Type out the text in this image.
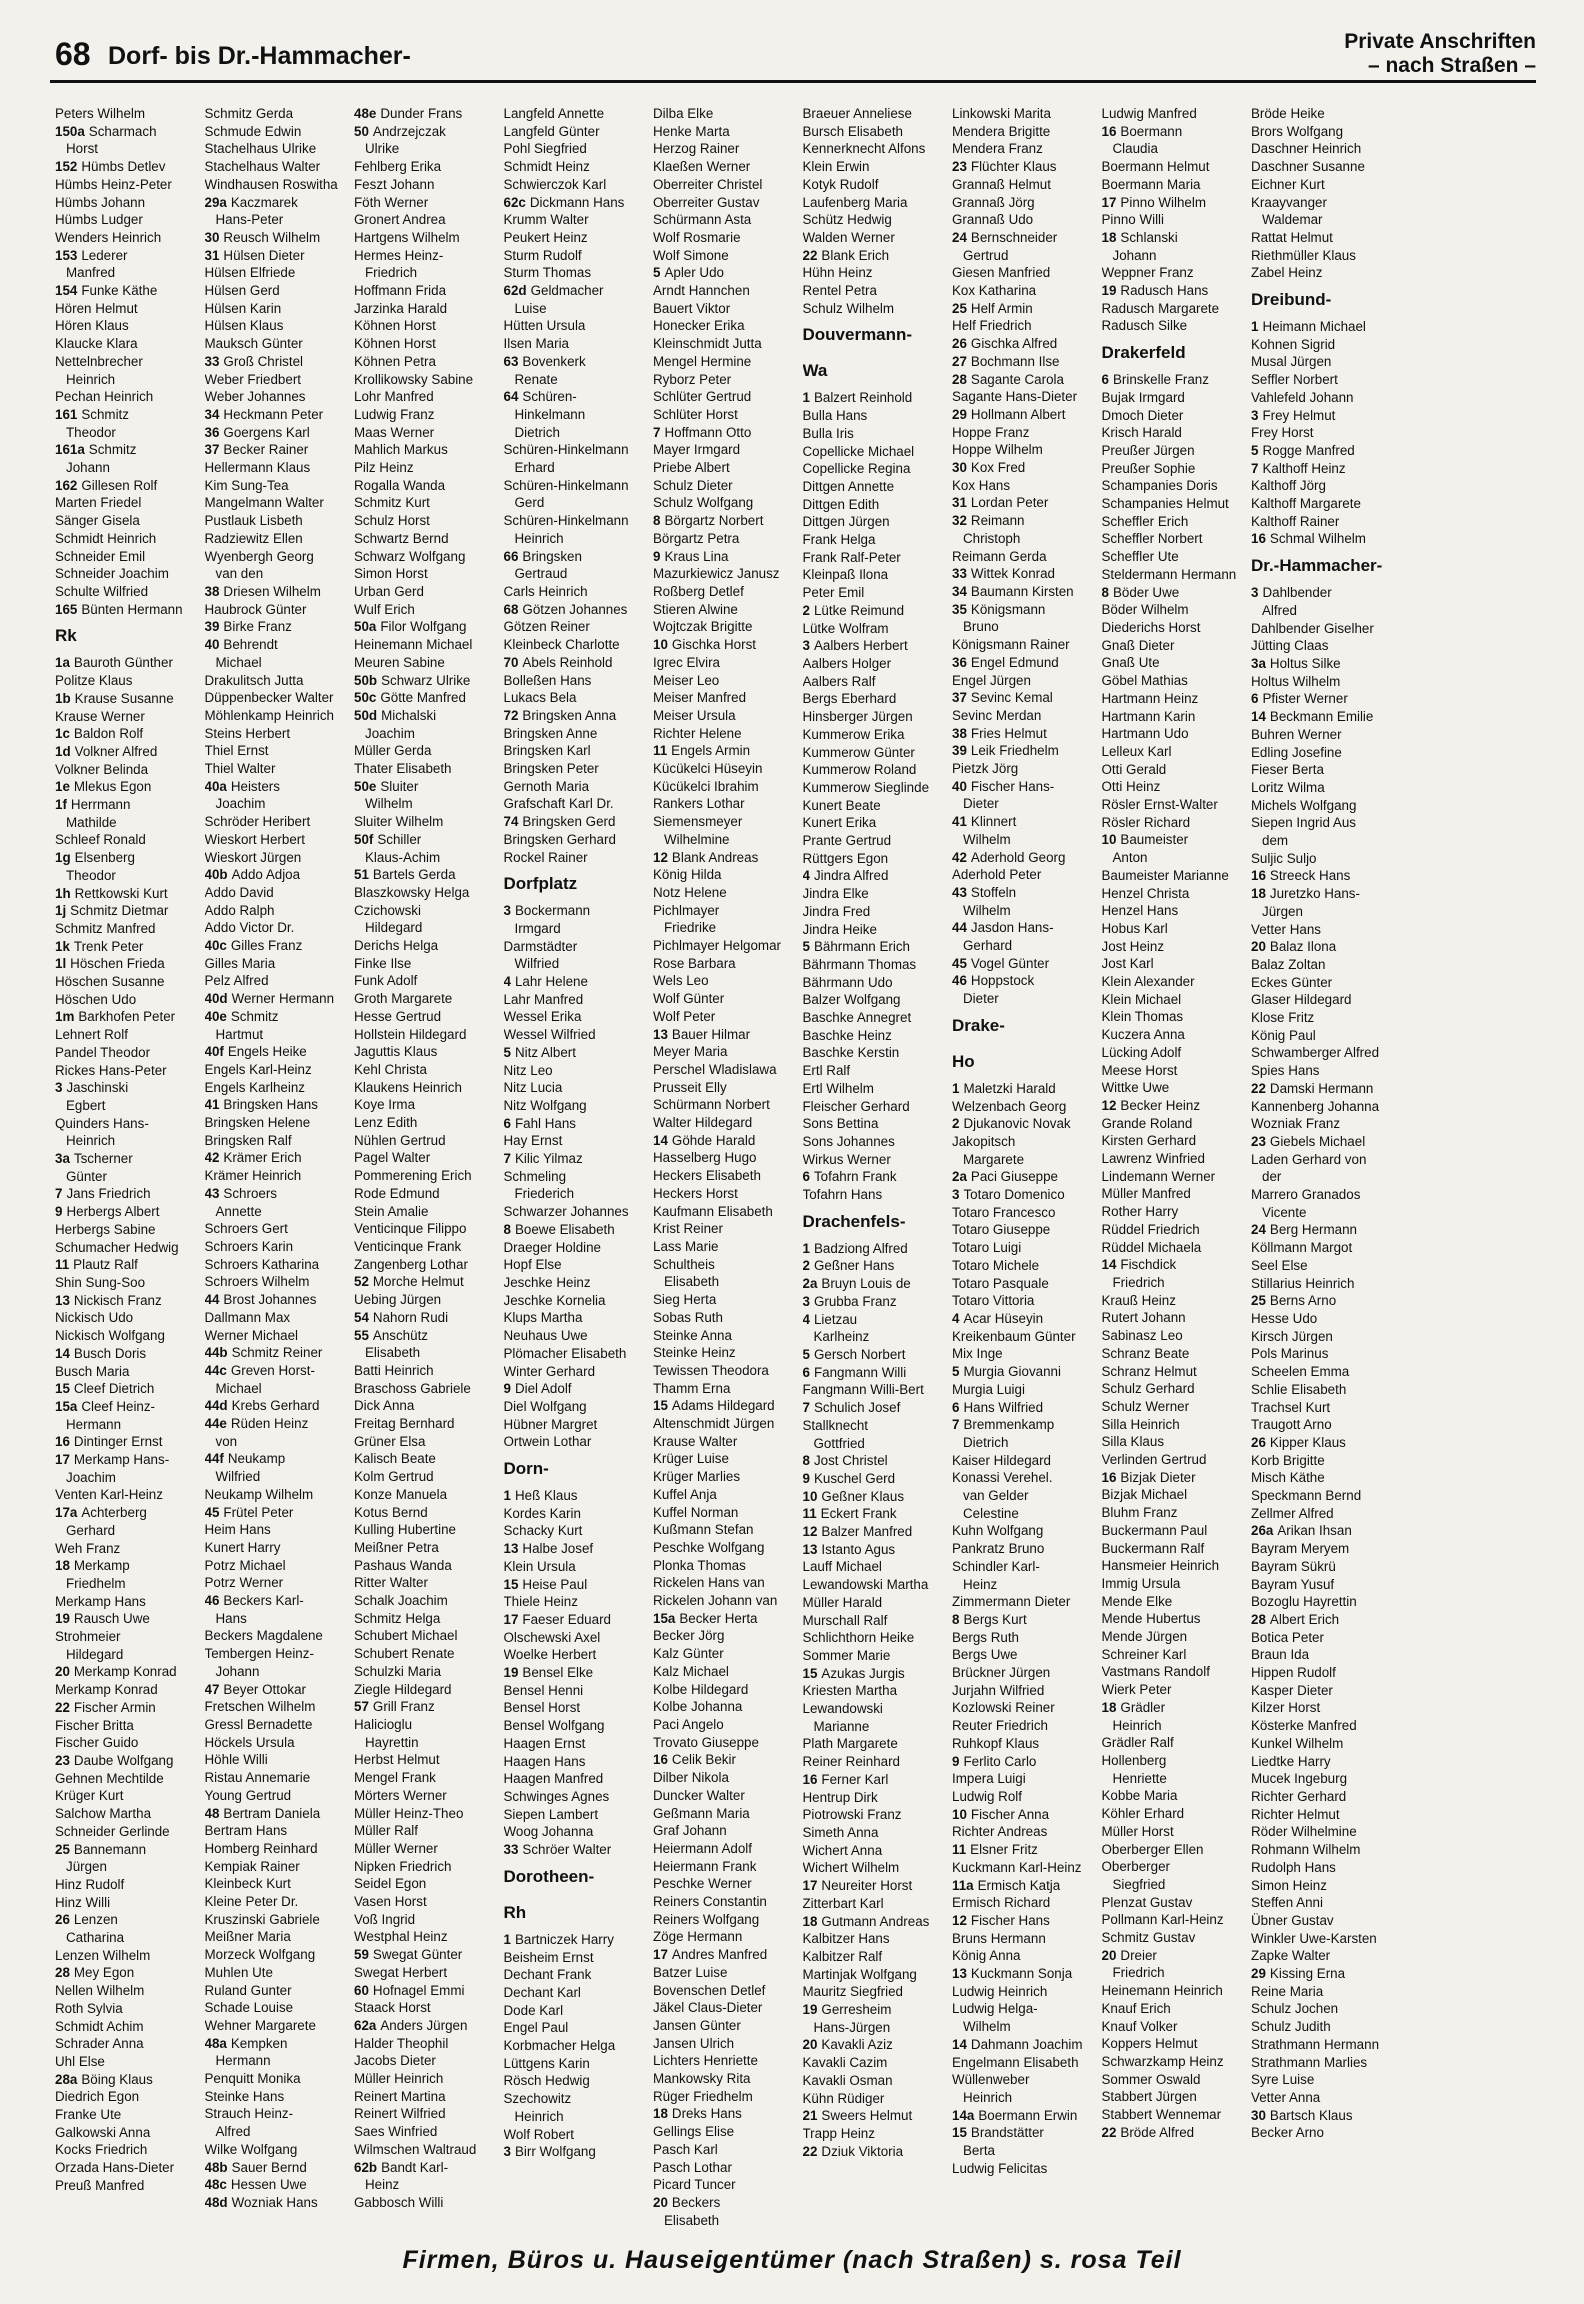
68 Dorf- bis Dr.-Hammacher-
Private Anschriften
– nach Straßen –
Peters Wilhelm
150a Scharmach
Horst
152 Hümbs Detlev
Hümbs Heinz-Peter
Hümbs Johann
Hümbs Ludger
Wenders Heinrich
153 Lederer
Manfred
154 Funke Käthe
Hören Helmut
Hören Klaus
Klaucke Klara
Nettelnbrecher
Heinrich
Pechan Heinrich
161 Schmitz
Theodor
161a Schmitz
Johann
162 Gillesen Rolf
Marten Friedel
Sänger Gisela
Schmidt Heinrich
Schneider Emil
Schneider Joachim
Schulte Wilfried
165 Bünten Hermann
Rk
1a Bauroth Günther
Politze Klaus
1b Krause Susanne
Krause Werner
1c Baldon Rolf
1d Volkner Alfred
Volkner Belinda
1e Mlekus Egon
1f Herrmann
Mathilde
Schleef Ronald
1g Elsenberg
Theodor
1h Rettkowski Kurt
1j Schmitz Dietmar
Schmitz Manfred
1k Trenk Peter
1l Höschen Frieda
Höschen Susanne
Höschen Udo
1m Barkhofen Peter
Lehnert Rolf
Pandel Theodor
Rickes Hans-Peter
3 Jaschinski
Egbert
Quinders Hans-
Heinrich
3a Tscherner
Günter
7 Jans Friedrich
9 Herbergs Albert
Herbergs Sabine
Schumacher Hedwig
11 Plautz Ralf
Shin Sung-Soo
13 Nickisch Franz
Nickisch Udo
Nickisch Wolfgang
14 Busch Doris
Busch Maria
15 Cleef Dietrich
15a Cleef Heinz-
Hermann
16 Dintinger Ernst
17 Merkamp Hans-
Joachim
Venten Karl-Heinz
17a Achterberg
Gerhard
Weh Franz
18 Merkamp
Friedhelm
Merkamp Hans
19 Rausch Uwe
Strohmeier
Hildegard
20 Merkamp Konrad
Merkamp Konrad
22 Fischer Armin
Fischer Britta
Fischer Guido
23 Daube Wolfgang
Gehnen Mechtilde
Krüger Kurt
Salchow Martha
Schneider Gerlinde
25 Bannemann
Jürgen
Hinz Rudolf
Hinz Willi
26 Lenzen
Catharina
Lenzen Wilhelm
28 Mey Egon
Nellen Wilhelm
Roth Sylvia
Schmidt Achim
Schrader Anna
Uhl Else
28a Böing Klaus
Diedrich Egon
Franke Ute
Galkowski Anna
Kocks Friedrich
Orzada Hans-Dieter
Preuß Manfred
Schmitz Gerda
Schmude Edwin
Stachelhaus Ulrike
Stachelhaus Walter
Windhausen Roswitha
29a Kaczmarek
Hans-Peter
30 Reusch Wilhelm
31 Hülsen Dieter
Hülsen Elfriede
Hülsen Gerd
Hülsen Karin
Hülsen Klaus
Mauksch Günter
33 Groß Christel
Weber Friedbert
Weber Johannes
34 Heckmann Peter
36 Goergens Karl
37 Becker Rainer
Hellermann Klaus
Kim Sung-Tea
Mangelmann Walter
Pustlauk Lisbeth
Radziewitz Ellen
Wyenbergh Georg
van den
38 Driesen Wilhelm
Haubrock Günter
39 Birke Franz
40 Behrendt
Michael
Drakulitsch Jutta
Düppenbecker Walter
Möhlenkamp Heinrich
Steins Herbert
Thiel Ernst
Thiel Walter
40a Heisters
Joachim
Schröder Heribert
Wieskort Herbert
Wieskort Jürgen
40b Addo Adjoa
Addo David
Addo Ralph
Addo Victor Dr.
40c Gilles Franz
Gilles Maria
Pelz Alfred
40d Werner Hermann
40e Schmitz
Hartmut
40f Engels Heike
Engels Karl-Heinz
Engels Karlheinz
41 Bringsken Hans
Bringsken Helene
Bringsken Ralf
42 Krämer Erich
Krämer Heinrich
43 Schroers
Annette
Schroers Gert
Schroers Karin
Schroers Katharina
Schroers Wilhelm
44 Brost Johannes
Dallmann Max
Werner Michael
44b Schmitz Reiner
44c Greven Horst-
Michael
44d Krebs Gerhard
44e Rüden Heinz
von
44f Neukamp
Wilfried
Neukamp Wilhelm
45 Frütel Peter
Heim Hans
Kunert Harry
Potrz Michael
Potrz Werner
46 Beckers Karl-
Hans
Beckers Magdalene
Tembergen Heinz-
Johann
47 Beyer Ottokar
Fretschen Wilhelm
Gressl Bernadette
Höckels Ursula
Höhle Willi
Ristau Annemarie
Young Gertrud
48 Bertram Daniela
Bertram Hans
Homberg Reinhard
Kempiak Rainer
Kleinbeck Kurt
Kleine Peter Dr.
Kruszinski Gabriele
Meißner Maria
Morzeck Wolfgang
Muhlen Ute
Ruland Gunter
Schade Louise
Wehner Margarete
48a Kempken
Hermann
Penquitt Monika
Steinke Hans
Strauch Heinz-
Alfred
Wilke Wolfgang
48b Sauer Bernd
48c Hessen Uwe
48d Wozniak Hans
48e Dunder Frans
50 Andrzejczak
Ulrike
Fehlberg Erika
Feszt Johann
Föth Werner
Gronert Andrea
Hartgens Wilhelm
Hermes Heinz-
Friedrich
Hoffmann Frida
Jarzinka Harald
Köhnen Horst
Köhnen Horst
Köhnen Petra
Krollikowsky Sabine
Lohr Manfred
Ludwig Franz
Maas Werner
Mahlich Markus
Pilz Heinz
Rogalla Wanda
Schmitz Kurt
Schulz Horst
Schwartz Bernd
Schwarz Wolfgang
Simon Horst
Urban Gerd
Wulf Erich
50a Filor Wolfgang
Heinemann Michael
Meuren Sabine
50b Schwarz Ulrike
50c Götte Manfred
50d Michalski
Joachim
Müller Gerda
Thater Elisabeth
50e Sluiter
Wilhelm
Sluiter Wilhelm
50f Schiller
Klaus-Achim
51 Bartels Gerda
Blaszkowsky Helga
Czichowski
Hildegard
Derichs Helga
Finke Ilse
Funk Adolf
Groth Margarete
Hesse Gertrud
Hollstein Hildegard
Jaguttis Klaus
Kehl Christa
Klaukens Heinrich
Koye Irma
Lenz Edith
Nühlen Gertrud
Pagel Walter
Pommerening Erich
Rode Edmund
Stein Amalie
Venticinque Filippo
Venticinque Frank
Zangenberg Lothar
52 Morche Helmut
Uebing Jürgen
54 Nahorn Rudi
55 Anschütz
Elisabeth
Batti Heinrich
Braschoss Gabriele
Dick Anna
Freitag Bernhard
Grüner Elsa
Kalisch Beate
Kolm Gertrud
Konze Manuela
Kotus Bernd
Kulling Hubertine
Meißner Petra
Pashaus Wanda
Ritter Walter
Schalk Joachim
Schmitz Helga
Schubert Michael
Schubert Renate
Schulzki Maria
Ziegle Hildegard
57 Grill Franz
Halicioglu
Hayrettin
Herbst Helmut
Mengel Frank
Mörters Werner
Müller Heinz-Theo
Müller Ralf
Müller Werner
Nipken Friedrich
Seidel Egon
Vasen Horst
Voß Ingrid
Westphal Heinz
59 Swegat Günter
Swegat Herbert
60 Hofnagel Emmi
Staack Horst
62a Anders Jürgen
Halder Theophil
Jacobs Dieter
Müller Heinrich
Reinert Martina
Reinert Wilfried
Saes Winfried
Wilmschen Waltraud
62b Bandt Karl-
Heinz
Gabbosch Willi
Langfeld Annette
Langfeld Günter
Pohl Siegfried
Schmidt Heinz
Schwierczok Karl
62c Dickmann Hans
Krumm Walter
Peukert Heinz
Sturm Rudolf
Sturm Thomas
62d Geldmacher
Luise
Hütten Ursula
Ilsen Maria
63 Bovenkerk
Renate
64 Schüren-
Hinkelmann
Dietrich
Schüren-Hinkelmann
Erhard
Schüren-Hinkelmann
Gerd
Schüren-Hinkelmann
Heinrich
66 Bringsken
Gertraud
Carls Heinrich
68 Götzen Johannes
Götzen Reiner
Kleinbeck Charlotte
70 Abels Reinhold
Bolleßen Hans
Lukacs Bela
72 Bringsken Anna
Bringsken Anne
Bringsken Karl
Bringsken Peter
Gernoth Maria
Grafschaft Karl Dr.
74 Bringsken Gerd
Bringsken Gerhard
Rockel Rainer
Dorfplatz
3 Bockermann
Irmgard
Darmstädter
Wilfried
4 Lahr Helene
Lahr Manfred
Wessel Erika
Wessel Wilfried
5 Nitz Albert
Nitz Leo
Nitz Lucia
Nitz Wolfgang
6 Fahl Hans
Hay Ernst
7 Kilic Yilmaz
Schmeling
Friederich
Schwarzer Johannes
8 Boewe Elisabeth
Draeger Holdine
Hopf Else
Jeschke Heinz
Jeschke Kornelia
Klups Martha
Neuhaus Uwe
Plömacher Elisabeth
Winter Gerhard
9 Diel Adolf
Diel Wolfgang
Hübner Margret
Ortwein Lothar
Dorn-
1 Heß Klaus
Kordes Karin
Schacky Kurt
13 Halbe Josef
Klein Ursula
15 Heise Paul
Thiele Heinz
17 Faeser Eduard
Olschewski Axel
Woelke Herbert
19 Bensel Elke
Bensel Henni
Bensel Horst
Bensel Wolfgang
Haagen Ernst
Haagen Hans
Haagen Manfred
Schwinges Agnes
Siepen Lambert
Woog Johanna
33 Schröer Walter
Dorotheen-
Rh
1 Bartniczek Harry
Beisheim Ernst
Dechant Frank
Dechant Karl
Dode Karl
Engel Paul
Korbmacher Helga
Lüttgens Karin
Rösch Hedwig
Szechowitz
Heinrich
Wolf Robert
3 Birr Wolfgang
Dilba Elke
Henke Marta
Herzog Rainer
Klaeßen Werner
Oberreiter Christel
Oberreiter Gustav
Schürmann Asta
Wolf Rosmarie
Wolf Simone
5 Apler Udo
Arndt Hannchen
Bauert Viktor
Honecker Erika
Kleinschmidt Jutta
Mengel Hermine
Ryborz Peter
Schlüter Gertrud
Schlüter Horst
7 Hoffmann Otto
Mayer Irmgard
Priebe Albert
Schulz Dieter
Schulz Wolfgang
8 Börgartz Norbert
Börgartz Petra
9 Kraus Lina
Mazurkiewicz Janusz
Roßberg Detlef
Stieren Alwine
Wojtczak Brigitte
10 Gischka Horst
Igrec Elvira
Meiser Leo
Meiser Manfred
Meiser Ursula
Richter Helene
11 Engels Armin
Kücükelci Hüseyin
Kücükelci Ibrahim
Rankers Lothar
Siemensmeyer
Wilhelmine
12 Blank Andreas
König Hilda
Notz Helene
Pichlmayer
Friedrike
Pichlmayer Helgomar
Rose Barbara
Wels Leo
Wolf Günter
Wolf Peter
13 Bauer Hilmar
Meyer Maria
Perschel Wladislawa
Prusseit Elly
Schürmann Norbert
Walter Hildegard
14 Göhde Harald
Hasselberg Hugo
Heckers Elisabeth
Heckers Horst
Kaufmann Elisabeth
Krist Reiner
Lass Marie
Schultheis
Elisabeth
Sieg Herta
Sobas Ruth
Steinke Anna
Steinke Heinz
Tewissen Theodora
Thamm Erna
15 Adams Hildegard
Altenschmidt Jürgen
Krause Walter
Krüger Luise
Krüger Marlies
Kuffel Anja
Kuffel Norman
Kußmann Stefan
Peschke Wolfgang
Plonka Thomas
Rickelen Hans van
Rickelen Johann van
15a Becker Herta
Becker Jörg
Kalz Günter
Kalz Michael
Kolbe Hildegard
Kolbe Johanna
Paci Angelo
Trovato Giuseppe
16 Celik Bekir
Dilber Nikola
Duncker Walter
Geßmann Maria
Graf Johann
Heiermann Adolf
Heiermann Frank
Peschke Werner
Reiners Constantin
Reiners Wolfgang
Zöge Hermann
17 Andres Manfred
Batzer Luise
Bovenschen Detlef
Jäkel Claus-Dieter
Jansen Günter
Jansen Ulrich
Lichters Henriette
Mankowsky Rita
Rüger Friedhelm
18 Dreks Hans
Gellings Elise
Pasch Karl
Pasch Lothar
Picard Tuncer
20 Beckers
Elisabeth
Braeuer Anneliese
Bursch Elisabeth
Kennerknecht Alfons
Klein Erwin
Kotyk Rudolf
Laufenberg Maria
Schütz Hedwig
Walden Werner
22 Blank Erich
Hühn Heinz
Rentel Petra
Schulz Wilhelm
Douvermann-
Wa
1 Balzert Reinhold
Bulla Hans
Bulla Iris
Copellicke Michael
Copellicke Regina
Dittgen Annette
Dittgen Edith
Dittgen Jürgen
Frank Helga
Frank Ralf-Peter
Kleinpaß Ilona
Peter Emil
2 Lütke Reimund
Lütke Wolfram
3 Aalbers Herbert
Aalbers Holger
Aalbers Ralf
Bergs Eberhard
Hinsberger Jürgen
Kummerow Erika
Kummerow Günter
Kummerow Roland
Kummerow Sieglinde
Kunert Beate
Kunert Erika
Prante Gertrud
Rüttgers Egon
4 Jindra Alfred
Jindra Elke
Jindra Fred
Jindra Heike
5 Bährmann Erich
Bährmann Thomas
Bährmann Udo
Balzer Wolfgang
Baschke Annegret
Baschke Heinz
Baschke Kerstin
Ertl Ralf
Ertl Wilhelm
Fleischer Gerhard
Sons Bettina
Sons Johannes
Wirkus Werner
6 Tofahrn Frank
Tofahrn Hans
Drachenfels-
1 Badziong Alfred
2 Geßner Hans
2a Bruyn Louis de
3 Grubba Franz
4 Lietzau
Karlheinz
5 Gersch Norbert
6 Fangmann Willi
Fangmann Willi-Bert
7 Schulich Josef
Stallknecht
Gottfried
8 Jost Christel
9 Kuschel Gerd
10 Geßner Klaus
11 Eckert Frank
12 Balzer Manfred
13 Istanto Agus
Lauff Michael
Lewandowski Martha
Müller Harald
Murschall Ralf
Schlichthorn Heike
Sommer Marie
15 Azukas Jurgis
Kriesten Martha
Lewandowski
Marianne
Plath Margarete
Reiner Reinhard
16 Ferner Karl
Hentrup Dirk
Piotrowski Franz
Simeth Anna
Wichert Anna
Wichert Wilhelm
17 Neureiter Horst
Zitterbart Karl
18 Gutmann Andreas
Kalbitzer Hans
Kalbitzer Ralf
Martinjak Wolfgang
Mauritz Siegfried
19 Gerresheim
Hans-Jürgen
20 Kavakli Aziz
Kavakli Cazim
Kavakli Osman
Kühn Rüdiger
21 Sweers Helmut
Trapp Heinz
22 Dziuk Viktoria
Linkowski Marita
Mendera Brigitte
Mendera Franz
23 Flüchter Klaus
Grannaß Helmut
Grannaß Jörg
Grannaß Udo
24 Bernschneider
Gertrud
Giesen Manfried
Kox Katharina
25 Helf Armin
Helf Friedrich
26 Gischka Alfred
27 Bochmann Ilse
28 Sagante Carola
Sagante Hans-Dieter
29 Hollmann Albert
Hoppe Franz
Hoppe Wilhelm
30 Kox Fred
Kox Hans
31 Lordan Peter
32 Reimann
Christoph
Reimann Gerda
33 Wittek Konrad
34 Baumann Kirsten
35 Königsmann
Bruno
Königsmann Rainer
36 Engel Edmund
Engel Jürgen
37 Sevinc Kemal
Sevinc Merdan
38 Fries Helmut
39 Leik Friedhelm
Pietzk Jörg
40 Fischer Hans-
Dieter
41 Klinnert
Wilhelm
42 Aderhold Georg
Aderhold Peter
43 Stoffeln
Wilhelm
44 Jasdon Hans-
Gerhard
45 Vogel Günter
46 Hoppstock
Dieter
Drake-
Ho
1 Maletzki Harald
Welzenbach Georg
2 Djukanovic Novak
Jakopitsch
Margarete
2a Paci Giuseppe
3 Totaro Domenico
Totaro Francesco
Totaro Giuseppe
Totaro Luigi
Totaro Michele
Totaro Pasquale
Totaro Vittoria
4 Acar Hüseyin
Kreikenbaum Günter
Mix Inge
5 Murgia Giovanni
Murgia Luigi
6 Hans Wilfried
7 Bremmenkamp
Dietrich
Kaiser Hildegard
Konassi Verehel.
van Gelder
Celestine
Kuhn Wolfgang
Pankratz Bruno
Schindler Karl-
Heinz
Zimmermann Dieter
8 Bergs Kurt
Bergs Ruth
Bergs Uwe
Brückner Jürgen
Jurjahn Wilfried
Kozlowski Reiner
Reuter Friedrich
Ruhkopf Klaus
9 Ferlito Carlo
Impera Luigi
Ludwig Rolf
10 Fischer Anna
Richter Andreas
11 Elsner Fritz
Kuckmann Karl-Heinz
11a Ermisch Katja
Ermisch Richard
12 Fischer Hans
Bruns Hermann
König Anna
13 Kuckmann Sonja
Ludwig Heinrich
Ludwig Helga-
Wilhelm
14 Dahmann Joachim
Engelmann Elisabeth
Wüllenweber
Heinrich
14a Boermann Erwin
15 Brandstätter
Berta
Ludwig Felicitas
Ludwig Manfred
16 Boermann
Claudia
Boermann Helmut
Boermann Maria
17 Pinno Wilhelm
Pinno Willi
18 Schlanski
Johann
Weppner Franz
19 Radusch Hans
Radusch Margarete
Radusch Silke
Drakerfeld
6 Brinskelle Franz
Bujak Irmgard
Dmoch Dieter
Krisch Harald
Preußer Jürgen
Preußer Sophie
Schampanies Doris
Schampanies Helmut
Scheffler Erich
Scheffler Norbert
Scheffler Ute
Steldermann Hermann
8 Böder Uwe
Böder Wilhelm
Diederichs Horst
Gnaß Dieter
Gnaß Ute
Göbel Mathias
Hartmann Heinz
Hartmann Karin
Hartmann Udo
Lelleux Karl
Otti Gerald
Otti Heinz
Rösler Ernst-Walter
Rösler Richard
10 Baumeister
Anton
Baumeister Marianne
Henzel Christa
Henzel Hans
Hobus Karl
Jost Heinz
Jost Karl
Klein Alexander
Klein Michael
Klein Thomas
Kuczera Anna
Lücking Adolf
Meese Horst
Wittke Uwe
12 Becker Heinz
Grande Roland
Kirsten Gerhard
Lawrenz Winfried
Lindemann Werner
Müller Manfred
Rother Harry
Rüddel Friedrich
Rüddel Michaela
14 Fischdick
Friedrich
Krauß Heinz
Rutert Johann
Sabinasz Leo
Schranz Beate
Schranz Helmut
Schulz Gerhard
Schulz Werner
Silla Heinrich
Silla Klaus
Verlinden Gertrud
16 Bizjak Dieter
Bizjak Michael
Bluhm Franz
Buckermann Paul
Buckermann Ralf
Hansmeier Heinrich
Immig Ursula
Mende Elke
Mende Hubertus
Mende Jürgen
Schreiner Karl
Vastmans Randolf
Wierk Peter
18 Grädler
Heinrich
Grädler Ralf
Hollenberg
Henriette
Kobbe Maria
Köhler Erhard
Müller Horst
Oberberger Ellen
Oberberger
Siegfried
Plenzat Gustav
Pollmann Karl-Heinz
Schmitz Gustav
20 Dreier
Friedrich
Heinemann Heinrich
Knauf Erich
Knauf Volker
Koppers Helmut
Schwarzkamp Heinz
Sommer Oswald
Stabbert Jürgen
Stabbert Wennemar
22 Bröde Alfred
Bröde Heike
Brors Wolfgang
Daschner Heinrich
Daschner Susanne
Eichner Kurt
Kraayvanger
Waldemar
Rattat Helmut
Riethmüller Klaus
Zabel Heinz
Dreibund-
1 Heimann Michael
Kohnen Sigrid
Musal Jürgen
Seffler Norbert
Vahlefeld Johann
3 Frey Helmut
Frey Horst
5 Rogge Manfred
7 Kalthoff Heinz
Kalthoff Jörg
Kalthoff Margarete
Kalthoff Rainer
16 Schmal Wilhelm
Dr.-Hammacher-
3 Dahlbender
Alfred
Dahlbender Giselher
Jütting Claas
3a Holtus Silke
Holtus Wilhelm
6 Pfister Werner
14 Beckmann Emilie
Buhren Werner
Edling Josefine
Fieser Berta
Loritz Wilma
Michels Wolfgang
Siepen Ingrid Aus
dem
Suljic Suljo
16 Streeck Hans
18 Juretzko Hans-
Jürgen
Vetter Hans
20 Balaz Ilona
Balaz Zoltan
Eckes Günter
Glaser Hildegard
Klose Fritz
König Paul
Schwamberger Alfred
Spies Hans
22 Damski Hermann
Kannenberg Johanna
Wozniak Franz
23 Giebels Michael
Laden Gerhard von
der
Marrero Granados
Vicente
24 Berg Hermann
Köllmann Margot
Seel Else
Stillarius Heinrich
25 Berns Arno
Hesse Udo
Kirsch Jürgen
Pols Marinus
Scheelen Emma
Schlie Elisabeth
Trachsel Kurt
Traugott Arno
26 Kipper Klaus
Korb Brigitte
Misch Käthe
Speckmann Bernd
Zellmer Alfred
26a Arikan Ihsan
Bayram Meryem
Bayram Sükrü
Bayram Yusuf
Bozoglu Hayrettin
28 Albert Erich
Botica Peter
Braun Ida
Hippen Rudolf
Kasper Dieter
Kilzer Horst
Kösterke Manfred
Kunkel Wilhelm
Liedtke Harry
Mucek Ingeburg
Richter Gerhard
Richter Helmut
Röder Wilhelmine
Rohmann Wilhelm
Rudolph Hans
Simon Heinz
Steffen Anni
Übner Gustav
Winkler Uwe-Karsten
Zapke Walter
29 Kissing Erna
Reine Maria
Schulz Jochen
Schulz Judith
Strathmann Hermann
Strathmann Marlies
Syre Luise
Vetter Anna
30 Bartsch Klaus
Becker Arno
Firmen, Büros u. Hauseigentümer (nach Straßen) s. rosa Teil
